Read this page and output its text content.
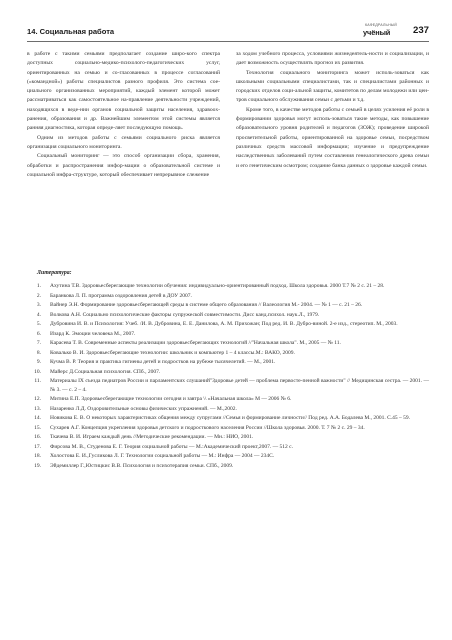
14. Социальная работа
КАФЕДРАЛЬНЫЙ
учёный 237

в работе с такими семьями предполагает создание широ-кого спектра доступных социально-медико-психолого-педагогических услуг, ориентированных на семью и со-гласованных в процессе согласований («командной») работы специалистов разного профиля. Это система сое-циального организованных мероприятий, каждый элемент которой может рассматриваться как самостоятельное на-правление деятельности учреждений, находящихся в веде-нии органов социальной защиты населения, здравоох-ранения, образования и др. Важнейшим элементом этой системы является ранняя диагностика, которая опреде-ляет последующую помощь.

Одним из методов работы с семьями социального риска является организация социального мониторинга.

Социальный мониторинг — это способ организации сбора, хранения, обработки и распространения инфор-мации о образовательной системе и социальной инфра-структуре, который обеспечивает непрерывное слежение

за ходом учебного процесса, условиями жизнедеятель-ности и социализации, и дает возможность осуществлять прогноз их развития.

Технология социального мониторинга может исполь-зоваться как школьными социальными специалистами, так и специалистами районных и городских отделов соци-альной защиты, комитетов по делам молодежи или цен-тров социального обслуживания семьи с детьми и т.д.

Кроме того, в качестве методов работы с семьей в целях усиления её роли в формировании здоровья могут исполь-зоваться такие методы, как повышение образовательного уровня родителей и педагогов (ЗОЖ); проведение широкой просветительной работы, ориентированной на здоровье семьи, посредством различных средств массовой информации; изучение и предупреждение наследственных заболеваний путем составления генеалогического древа семьи и его генетическим осмотром; создание банка данных о здоровье каждой семьи.

Литература:
1. Ахутина Т.В. Здоровьесберегающие технологии обучения: индивидуально-ориентированный подход. Школа здоровья. 2000 Т.7 № 2 с. 21 – 28.
2. Баранкова Л. П. программа оздоровления детей в ДОУ 2007.
3. Вайнер Э.Н. Формирование здоровьесберегающей среды в системе общего образования // Валеология М.- 2004. — № 1 — с. 21 – 26.
4. Волкова А.Н. Социально психологические факторы супружеской совместимости. Дисс канд.психол. наук.Л., 1979.
5. Дубровина И. В. и Психология: Учеб. /И. В. Дубровина, Е. Е. Данилова, А. М. Прихожан; Под ред. И. В. Дубро-виной. 2-е изд., стереотип. М., 2003.
6. Изард К. Эмоции человека М., 2007.
7. Карасева Т. В. Современные аспекты реализации здоровьесберегающих технологий //"Начальная школа". М., 2005 — № 11.
8. Ковалько В. И. Здоровьесберегающие технологии: школьник и компьютер 1 – 4 классы.М.: ВАКО, 2009.
9. Кучма В. Р. Теория и практика гигиены детей и подростков на рубеже тысячелетий. — М., 2001.
10. Майерс Д.Социальная психология. СПб., 2007.
11. Материалы IX съезда педиатров России и парламентских слушаний"Здоровье детей — проблема первосте-пенной важности" // Медицинская сестра. — 2001. — № 3. — с. 2 – 4.
12. Митина Е.П. Здоровьесберегающие технологии сегодня и завтра \\ «Начальная школа» М — 2006 № 6.
13. Назаренко Л.Д. Оздоровительные основы физических упражнений. — М.,2002.
14. Новикова Е. В. О некоторых характеристиках общения между супругами //Семья и формирование личности// Под ред. А.А. Бодалева М., 2001. С.45 – 59.
15. Сухарев А.Г. Концепция укрепления здоровья детского и подросткового населения России //Школа здоровья. 2000. Т. 7 № 2 с. 29 – 34.
16. Ткачева В. И. Играем каждый день //Методические рекомендации. — Мн.: НИО, 2001.
17. Фирсова М. В., Студенова Е. Г. Теория социальной работы — М.:Академический проект,2007. — 512 с.
18. Холостова Е. И.,Гусликова Л. Г. Технологии социальной работы — М.: Инфра — 2004 — 234С.
19. Эйдемиллер Г.,Юстицкис В.В. Психология и психотерапия семьи. СПб., 2009.
